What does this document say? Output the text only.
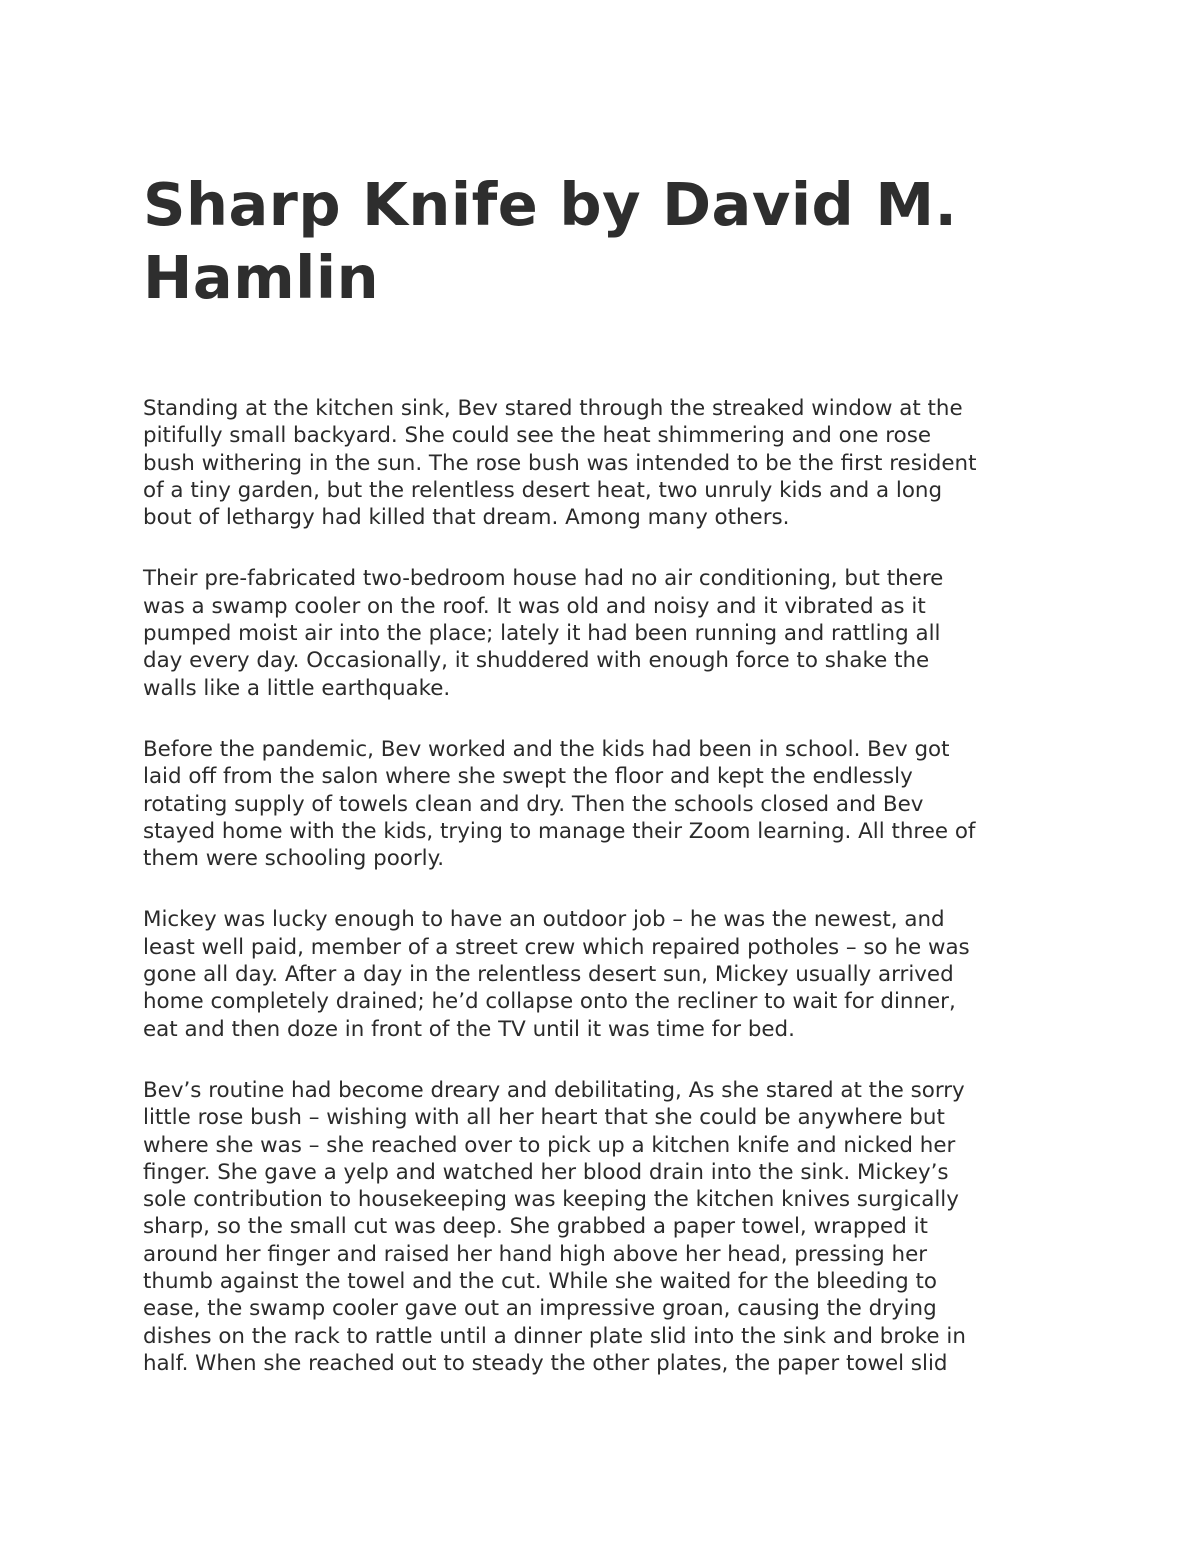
Sharp Knife by David M. Hamlin

Standing at the kitchen sink, Bev stared through the streaked window at the
pitifully small backyard. She could see the heat shimmering and one rose
bush withering in the sun. The rose bush was intended to be the first resident
of a tiny garden, but the relentless desert heat, two unruly kids and a long
bout of lethargy had killed that dream. Among many others.

Their pre-fabricated two-bedroom house had no air conditioning, but there
was a swamp cooler on the roof. It was old and noisy and it vibrated as it
pumped moist air into the place; lately it had been running and rattling all
day every day. Occasionally, it shuddered with enough force to shake the
walls like a little earthquake.

Before the pandemic, Bev worked and the kids had been in school. Bev got
laid off from the salon where she swept the floor and kept the endlessly
rotating supply of towels clean and dry. Then the schools closed and Bev
stayed home with the kids, trying to manage their Zoom learning. All three of
them were schooling poorly.

Mickey was lucky enough to have an outdoor job – he was the newest, and
least well paid, member of a street crew which repaired potholes – so he was
gone all day. After a day in the relentless desert sun, Mickey usually arrived
home completely drained; he’d collapse onto the recliner to wait for dinner,
eat and then doze in front of the TV until it was time for bed.

Bev’s routine had become dreary and debilitating, As she stared at the sorry
little rose bush – wishing with all her heart that she could be anywhere but
where she was – she reached over to pick up a kitchen knife and nicked her
finger. She gave a yelp and watched her blood drain into the sink. Mickey’s
sole contribution to housekeeping was keeping the kitchen knives surgically
sharp, so the small cut was deep. She grabbed a paper towel, wrapped it
around her finger and raised her hand high above her head, pressing her
thumb against the towel and the cut. While she waited for the bleeding to
ease, the swamp cooler gave out an impressive groan, causing the drying
dishes on the rack to rattle until a dinner plate slid into the sink and broke in
half. When she reached out to steady the other plates, the paper towel slid
